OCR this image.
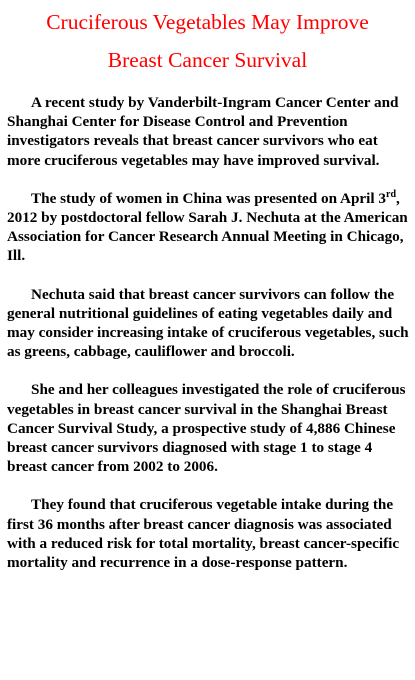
Cruciferous Vegetables May Improve
Breast Cancer Survival

A recent study by Vanderbilt-Ingram Cancer Center and Shanghai Center for Disease Control and Prevention investigators reveals that breast cancer survivors who eat more cruciferous vegetables may have improved survival.

The study of women in China was presented on April 3rd, 2012 by postdoctoral fellow Sarah J. Nechuta at the American Association for Cancer Research Annual Meeting in Chicago, Ill.

Nechuta said that breast cancer survivors can follow the general nutritional guidelines of eating vegetables daily and may consider increasing intake of cruciferous vegetables, such as greens, cabbage, cauliflower and broccoli.

She and her colleagues investigated the role of cruciferous vegetables in breast cancer survival in the Shanghai Breast Cancer Survival Study, a prospective study of 4,886 Chinese breast cancer survivors diagnosed with stage 1 to stage 4 breast cancer from 2002 to 2006.

They found that cruciferous vegetable intake during the first 36 months after breast cancer diagnosis was associated with a reduced risk for total mortality, breast cancer-specific mortality and recurrence in a dose-response pattern.
